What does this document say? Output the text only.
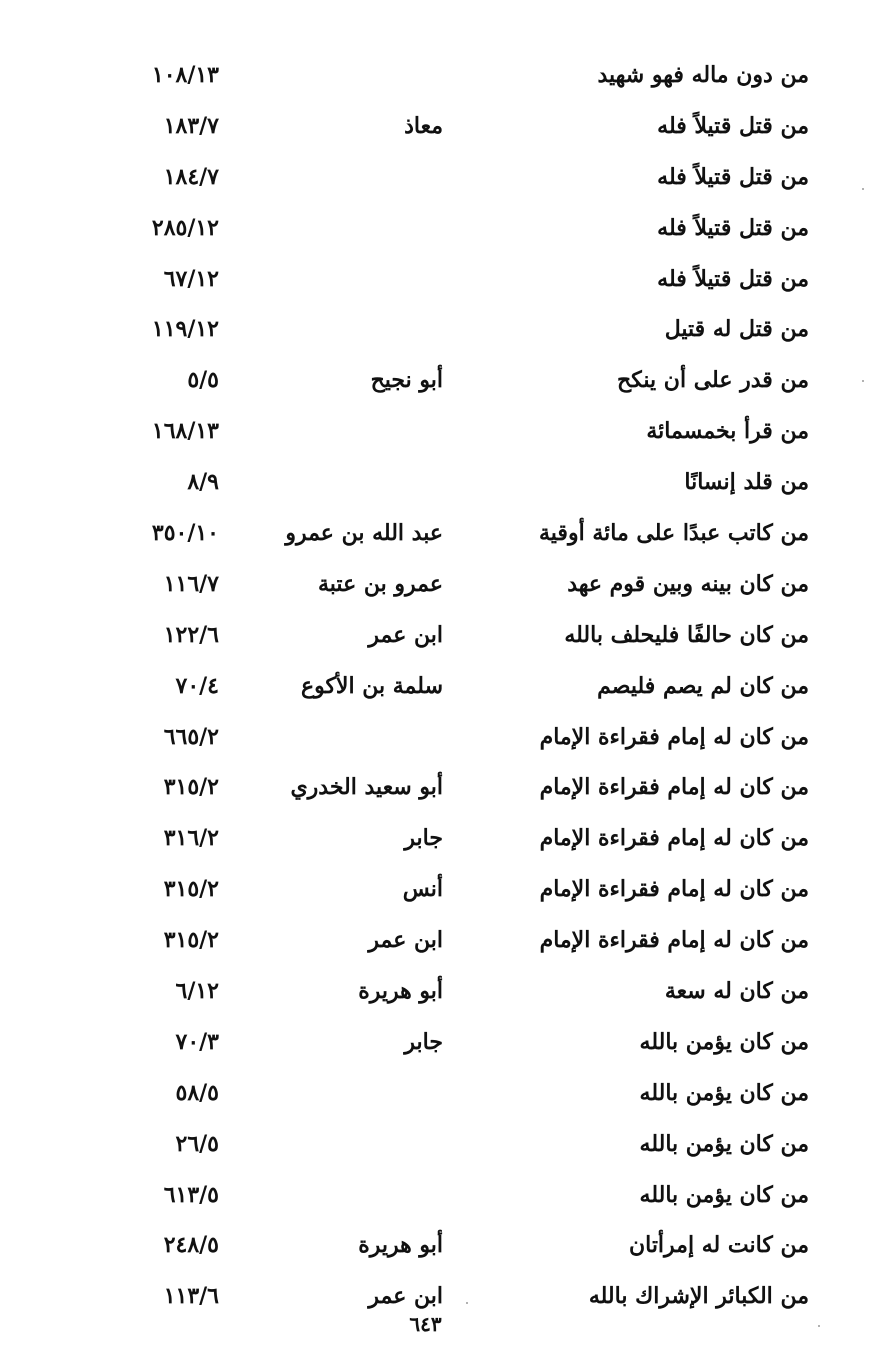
من دون ماله فهو شهيد
١٠٨/١٣
من قتل قتيلاً فله
معاذ
١٨٣/٧
من قتل قتيلاً فله
١٨٤/٧
من قتل قتيلاً فله
٢٨٥/١٢
من قتل قتيلاً فله
٦٧/١٢
من قتل له قتيل
١١٩/١٢
من قدر على أن ينكح
أبو نجيح
٥/٥
من قرأ بخمسمائة
١٦٨/١٣
من قلد إنسانًا
٨/٩
من كاتب عبدًا على مائة أوقية
عبد الله بن عمرو
٣٥٠/١٠
من كان بينه وبين قوم عهد
عمرو بن عتبة
١١٦/٧
من كان حالفًا فليحلف بالله
ابن عمر
١٢٢/٦
من كان لم يصم فليصم
سلمة بن الأكوع
٧٠/٤
من كان له إمام فقراءة الإمام
٦٦٥/٢
من كان له إمام فقراءة الإمام
أبو سعيد الخدري
٣١٥/٢
من كان له إمام فقراءة الإمام
جابر
٣١٦/٢
من كان له إمام فقراءة الإمام
أنس
٣١٥/٢
من كان له إمام فقراءة الإمام
ابن عمر
٣١٥/٢
من كان له سعة
أبو هريرة
٦/١٢
من كان يؤمن بالله
جابر
٧٠/٣
من كان يؤمن بالله
٥٨/٥
من كان يؤمن بالله
٢٦/٥
من كان يؤمن بالله
٦١٣/٥
من كانت له إمرأتان
أبو هريرة
٢٤٨/٥
من الكبائر الإشراك بالله
ابن عمر
١١٣/٦
٦٤٣
